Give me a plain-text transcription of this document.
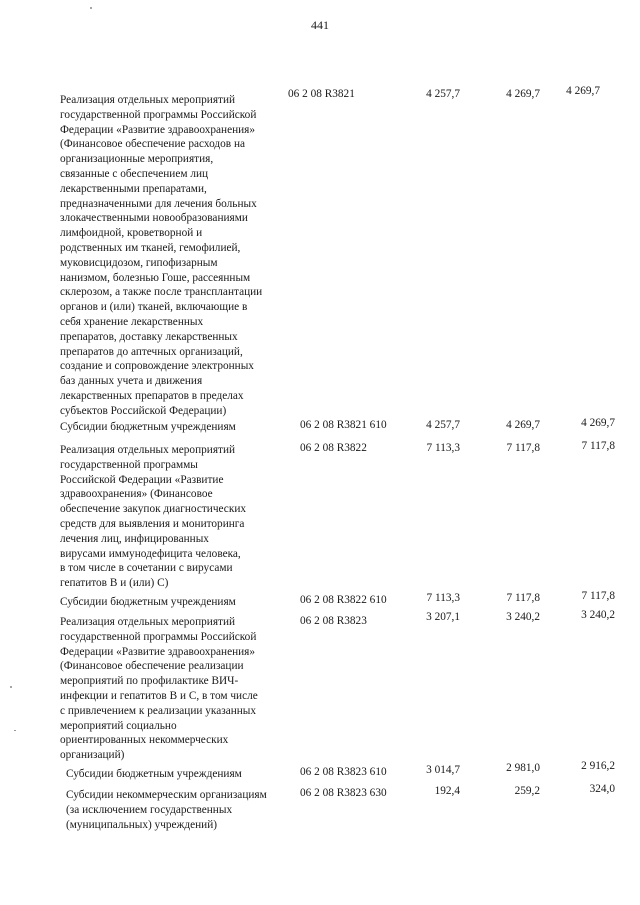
441
Реализация отдельных мероприятий
государственной программы Российской
Федерации «Развитие здравоохранения»
(Финансовое обеспечение расходов на
организационные мероприятия,
связанные с обеспечением лиц
лекарственными препаратами,
предназначенными для лечения больных
злокачественными новообразованиями
лимфоидной, кроветворной и
родственных им тканей, гемофилией,
муковисцидозом, гипофизарным
нанизмом, болезнью Гоше, рассеянным
склерозом, а также после трансплантации
органов и (или) тканей, включающие в
себя хранение лекарственных
препаратов, доставку лекарственных
препаратов до аптечных организаций,
создание и сопровождение электронных
баз данных учета и движения
лекарственных препаратов в пределах
субъектов Российской Федерации)
06 2 08 R3821	4 257,7	4 269,7	4 269,7
Субсидии бюджетным учреждениям	06 2 08 R3821 610	4 257,7	4 269,7	4 269,7
Реализация отдельных мероприятий
государственной программы
Российской Федерации «Развитие
здравоохранения» (Финансовое
обеспечение закупок диагностических
средств для выявления и мониторинга
лечения лиц, инфицированных
вирусами иммунодефицита человека,
в том числе в сочетании с вирусами
гепатитов В и (или) С)
06 2 08 R3822	7 113,3	7 117,8	7 117,8
Субсидии бюджетным учреждениям	06 2 08 R3822 610	7 113,3	7 117,8	7 117,8
Реализация отдельных мероприятий
государственной программы Российской
Федерации «Развитие здравоохранения»
(Финансовое обеспечение реализации
мероприятий по профилактике ВИЧ-
инфекции и гепатитов В и С, в том числе
с привлечением к реализации указанных
мероприятий социально
ориентированных некоммерческих
организаций)
06 2 08 R3823	3 207,1	3 240,2	3 240,2
Субсидии бюджетным учреждениям	06 2 08 R3823 610	3 014,7	2 981,0	2 916,2
Субсидии некоммерческим организациям
(за исключением государственных
(муниципальных) учреждений)
06 2 08 R3823 630	192,4	259,2	324,0
